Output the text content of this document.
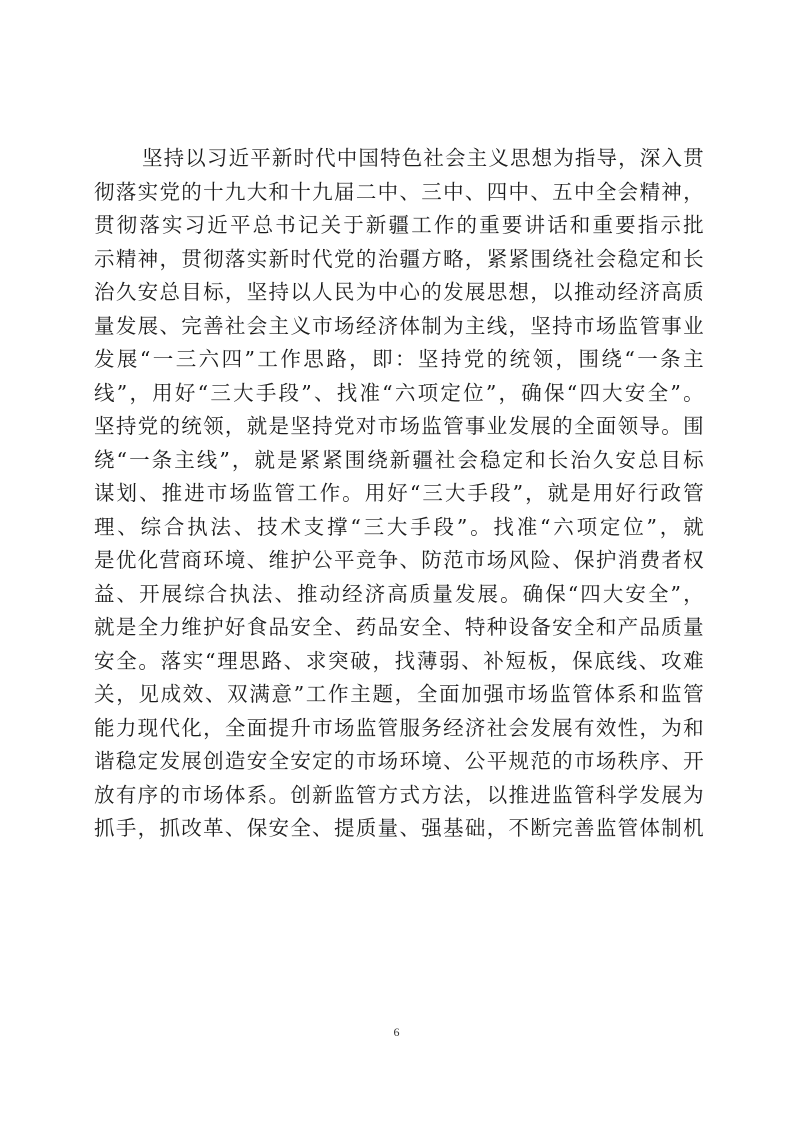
坚持以习近平新时代中国特色社会主义思想为指导，深入贯
彻落实党的十九大和十九届二中、三中、四中、五中全会精神，
贯彻落实习近平总书记关于新疆工作的重要讲话和重要指示批
示精神，贯彻落实新时代党的治疆方略，紧紧围绕社会稳定和长
治久安总目标，坚持以人民为中心的发展思想，以推动经济高质
量发展、完善社会主义市场经济体制为主线，坚持市场监管事业
发展“一三六四”工作思路，即：坚持党的统领，围绕“一条主
线”，用好“三大手段”、找准“六项定位”，确保“四大安全”。
坚持党的统领，就是坚持党对市场监管事业发展的全面领导。围
绕“一条主线”，就是紧紧围绕新疆社会稳定和长治久安总目标
谋划、推进市场监管工作。用好“三大手段”，就是用好行政管
理、综合执法、技术支撑“三大手段”。找准“六项定位”，就
是优化营商环境、维护公平竞争、防范市场风险、保护消费者权
益、开展综合执法、推动经济高质量发展。确保“四大安全”，
就是全力维护好食品安全、药品安全、特种设备安全和产品质量
安全。落实“理思路、求突破，找薄弱、补短板，保底线、攻难
关，见成效、双满意”工作主题，全面加强市场监管体系和监管
能力现代化，全面提升市场监管服务经济社会发展有效性，为和
谐稳定发展创造安全安定的市场环境、公平规范的市场秩序、开
放有序的市场体系。创新监管方式方法，以推进监管科学发展为
抓手，抓改革、保安全、提质量、强基础，不断完善监管体制机
6
